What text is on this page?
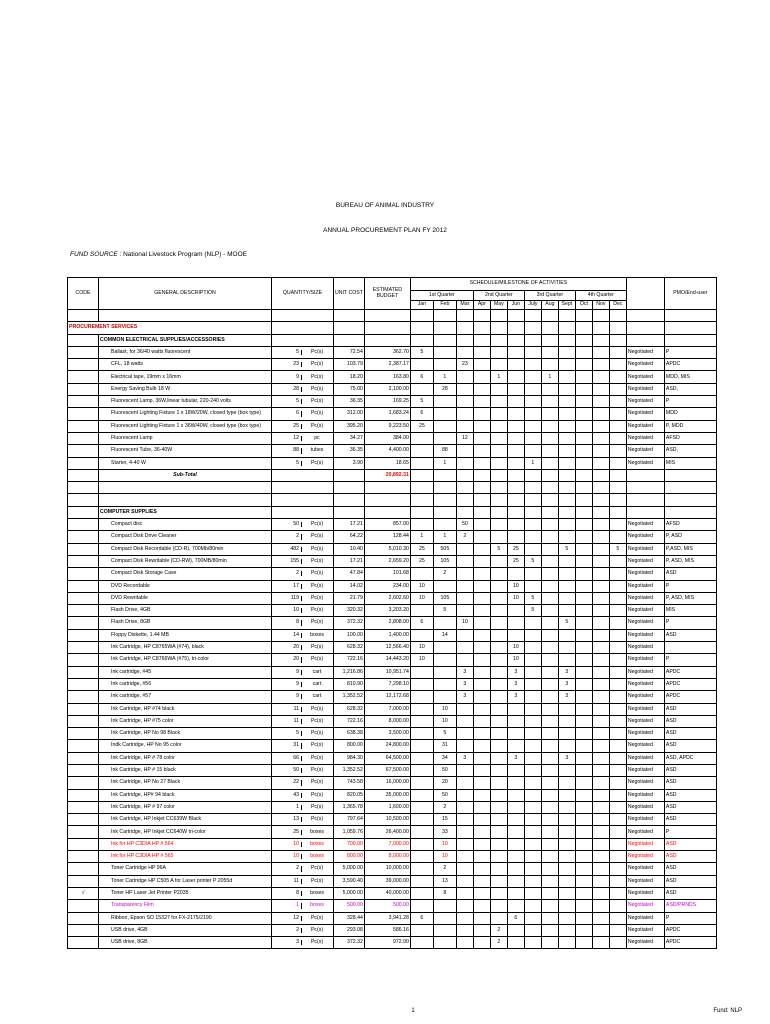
BUREAU OF ANIMAL INDUSTRY
ANNUAL PROCUREMENT PLAN FY 2012
FUND SOURCE : National Livestock Program (NLP) - MOOE
CODE	GENERAL DESCRIPTION	QUANTITY/SIZE	UNIT COST	ESTIMATED BUDGET	SCHEDULE/MILESTONE OF ACTIVITIES													PMO/End-user
					1st Quarter			2nd Quarter			3rd Quarter			4th Quarter				
					Jan	Feb	Mar	Apr	May	Jun	July	Aug	Sept	Oct	Nov	Dec		

PROCUREMENT SERVICES																		
	COMMON ELECTRICAL SUPPLIES/ACCESSORIES																	
	Ballast, for 36/40 watts fluorescent	5 Pc(s)	72.54	362.70	5												Negotiated	P
	CFL, 18 watts	23 Pc(s)	103.79	2,387.17			23										Negotiated	APDC
	Electrical tape, 19mm x 16mm	9 Pc(s)	18.20	163.80	6	1			1			1					Negotiated	MDD, MIS
	Energy Saving Bulb 18 W	28 Pc(s)	75.00	2,100.00		28											Negotiated	ASD,
	Fluorescent Lamp, 36W,linear tubular, 220-240 volts	5 Pc(s)	36.35	169.25	5												Negotiated	P
	Fluorescent Lighting Fixture 1 x 18W/20W, closed type (box type)	6 Pc(s)	312.00	1,683.24	6												Negotiated	MDD
	Fluorescent Lighting Fixture 1 x 36W/40W, closed type (box type)	25 Pc(s)	395.20	9,223.50	25												Negotiated	P, MDD
	Fluorescent Lamp	12 pc	34.27	384.00			12										Negotiated	AFSD
	Fluorescent Tube, 36-40W	88 tubes	36.35	4,400.00		88											Negotiated	ASD,
	Starter, 4-40 W	5 Pc(s)	3.90	18.65		1					1						Negotiated	MIS
	Sub-Total			20,892.31														

	COMPUTER SUPPLIES																	
	Compact disc	50 Pc(s)	17.21	857.00			50										Negotiated	AFSD
	Compact Disk Drive Cleaner	2 Pc(s)	64.22	128.44	1	1	2										Negotiated	P, ASD
	Compact Disk Recordable (CD-R), 700Mb/80min	482 Pc(s)	10.40	5,010.30	25	505			5	25			5			5	Negotiated	P,ASD, MIS
	Compact Disk Rewritable (CD-RW), 700MB/80min	155 Pc(s)	17.21	2,659.20	25	105				25	5						Negotiated	P, ASD, MIS
	Compact Disk Storage Case	2 Pc(s)	47.84	101.68		2											Negotiated	ASD
	DVD Recordable	17 Pc(s)	14.02	234.00	10					10							Negotiated	P
	DVD Rewritable	119 Pc(s)	21.79	2,602.60	10	105				10	5						Negotiated	P, ASD, MIS
	Flash Drive, 4GB	10 Pc(s)	320.32	3,203.20		5					5						Negotiated	MIS
	Flash Drive, 8GB	8 Pc(s)	372.32	2,808.00	6		10						5				Negotiated	P
	Floppy Diskette, 1.44 MB	14 boxes	100.00	1,400.00		14											Negotiated	ASD
	Ink Cartridge, HP C8765WA (#74), black	20 Pc(s)	628.32	12,566.40	10					10							Negotiated	
	Ink Cartridge, HP C8766WA (#75), tri-color	20 Pc(s)	722.16	14,443.20	10					10							Negotiated	P
	Ink cartridge, #45	9 cart	1,216.86	10,951.74			3			3			3				Negotiated	APDC
	Ink cartridge, #56	9 cart	810.90	7,298.10			3			3			3				Negotiated	APDC
	Ink cartridge, #57	9 cart	1,352.52	12,172.68			3			3			3				Negotiated	APDC
	Ink Cartridge, HP #74 black	11 Pc(s)	628.32	7,000.00		10											Negotiated	ASD
	Ink Cartridge, HP #75 color	11 Pc(s)	722.16	8,000.00		10											Negotiated	ASD
	Ink Cartridge, HP No 98 Black	5 Pc(s)	638.38	3,500.00		5											Negotiated	ASD
	Indk Cartridge, HP No 95 color	31 Pc(s)	800.00	24,800.00		31											Negotiated	ASD
	Ink Cartridge, HP # 78 color	66 Pc(s)	984.30	64,500.00		34	3			3			3				Negotiated	ASD, APDC
	Ink Cartridge, HP # 15 black	50 Pc(s)	1,352.52	67,500.00		50											Negotiated	ASD
	Ink Cartridge, HP No 27 Black	22 Pc(s)	743.58	16,000.00		20											Negotiated	ASD
	Ink Cartridge, HP# 94 black	43 Pc(s)	820.05	35,000.00		50											Negotiated	ASD
	Ink Cartridge, HP # 97 color	1 Pc(s)	1,365.78	1,600.00		2											Negotiated	ASD
	Ink Cartridge, HP Inkjet CC639W Black	13 Pc(s)	797.64	10,500.00		15											Negotiated	ASD
	Ink Cartridge, HP Inkjet CC640W tri-color	25 boxes	1,059.76	26,400.00		33											Negotiated	P
	Ink for HP C3DIA HP # 564	10 boxes	700.00	7,000.00		10											Negotiated	ASD
	Ink for HP C3DIA HP # 565	10 boxes	800.00	8,000.00		10											Negotiated	ASD
	Toner Cartridge HP 96A	2 Pc(s)	5,000.00	10,000.00		2											Negotiated	ASD
	Toner Cartridge HP C505 A for Laser printer P 2055d	11 Pc(s)	3,590.40	39,000.00		13											Negotiated	ASD
√	Toner HP Laser Jet Printer P2035	8 boxes	5,000.00	40,000.00		8											Negotiated	ASD
	Transparency Film	1 boxes	500.00	500.00													Negotiated	ASD/PRNDS
	Ribbon, Epson SO 15327 for FX-2175/2190	12 Pc(s)	328.44	3,941.28	6					6							Negotiated	P
	USB drive, 4GB	2 Pc(s)	293.08	586.16					2								Negotiated	APDC
	USB drive, 8GB	3 Pc(s)	372.32	972.00					2								Negotiated	APDC
1	Fund: NLP
